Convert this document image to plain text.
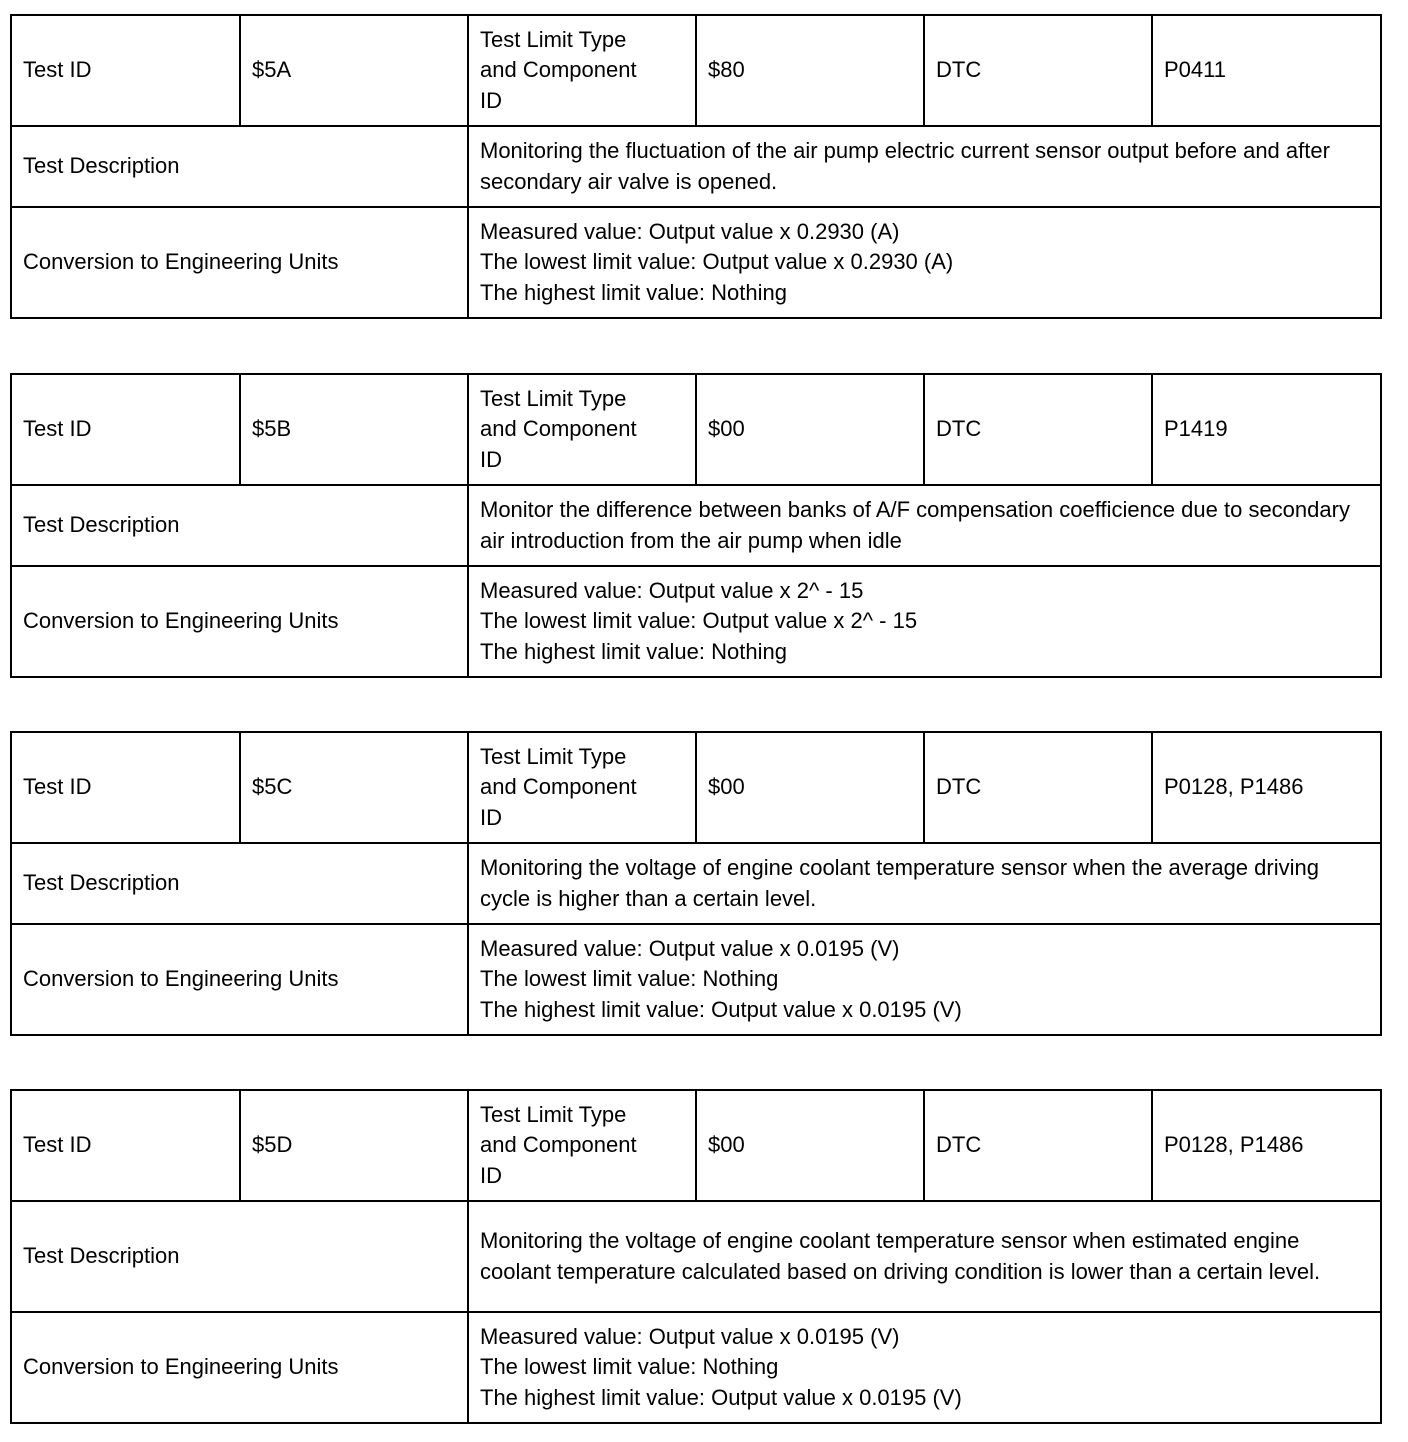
Test ID	$5A	Test Limit Type
and Component
ID	$80	DTC	P0411
Test Description		Monitoring the fluctuation of the air pump electric current sensor output before and after secondary air valve is opened.			
Conversion to Engineering Units		Measured value: Output value x 0.2930 (A)
The lowest limit value: Output value x 0.2930 (A)
The highest limit value: Nothing			
Test ID	$5B	Test Limit Type
and Component
ID	$00	DTC	P1419
Test Description		Monitor the difference between banks of A/F compensation coefficience due to secondary air introduction from the air pump when idle			
Conversion to Engineering Units		Measured value: Output value x 2^ - 15
The lowest limit value: Output value x 2^ - 15
The highest limit value: Nothing			
Test ID	$5C	Test Limit Type
and Component
ID	$00	DTC	P0128, P1486
Test Description		Monitoring the voltage of engine coolant temperature sensor when the average driving cycle is higher than a certain level.			
Conversion to Engineering Units		Measured value: Output value x 0.0195 (V)
The lowest limit value: Nothing
The highest limit value: Output value x 0.0195 (V)			
Test ID	$5D	Test Limit Type
and Component
ID	$00	DTC	P0128, P1486
Test Description		Monitoring the voltage of engine coolant temperature sensor when estimated engine coolant temperature calculated based on driving condition is lower than a certain level.			
Conversion to Engineering Units		Measured value: Output value x 0.0195 (V)
The lowest limit value: Nothing
The highest limit value: Output value x 0.0195 (V)			
